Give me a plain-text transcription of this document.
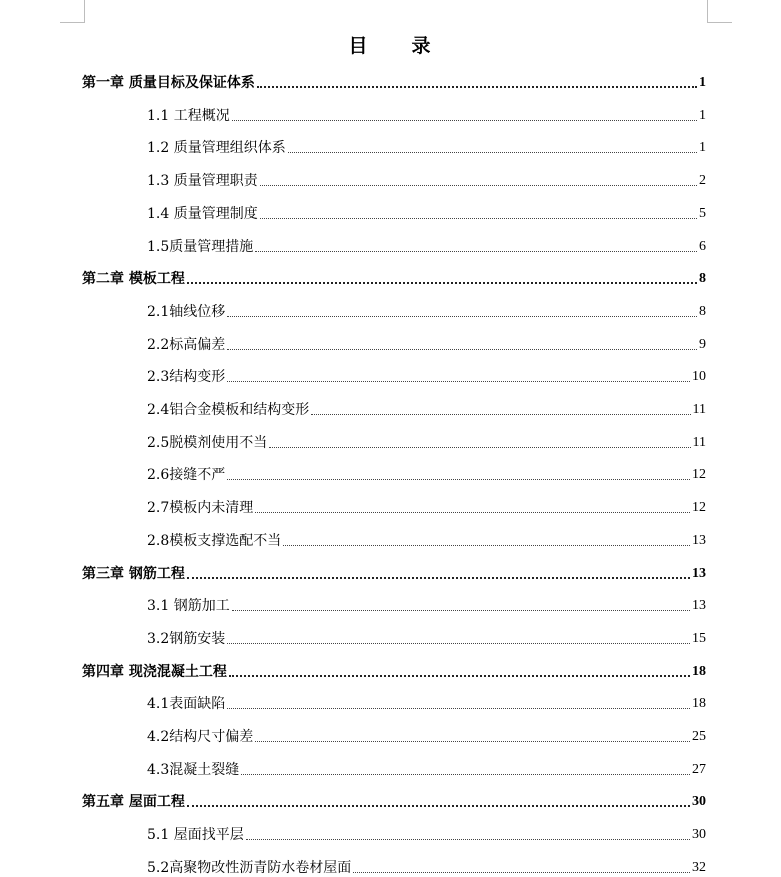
目 录
第一章 质量目标及保证体系	1
1.1 工程概况	1
1.2 质量管理组织体系	1
1.3 质量管理职责	2
1.4 质量管理制度	5
1.5质量管理措施	6
第二章 模板工程	8
2.1轴线位移	8
2.2标高偏差	9
2.3结构变形	10
2.4铝合金模板和结构变形	11
2.5脱模剂使用不当	11
2.6接缝不严	12
2.7模板内未清理	12
2.8模板支撑选配不当	13
第三章 钢筋工程	13
3.1 钢筋加工	13
3.2钢筋安装	15
第四章 现浇混凝土工程	18
4.1表面缺陷	18
4.2结构尺寸偏差	25
4.3混凝土裂缝	27
第五章 屋面工程	30
5.1 屋面找平层	30
5.2高聚物改性沥青防水卷材屋面	32
